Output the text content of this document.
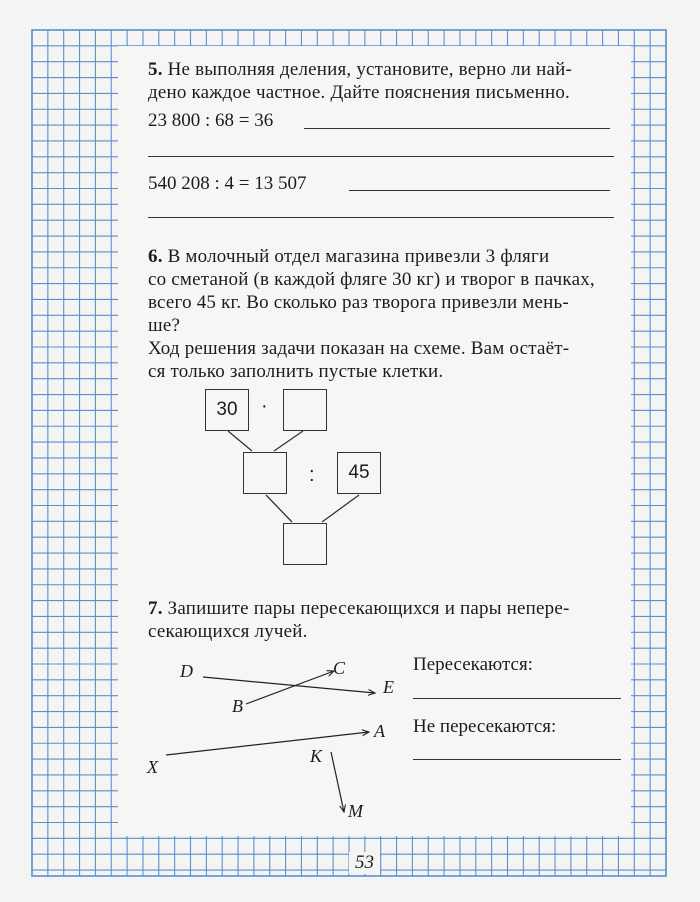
5. Не выполняя деления, установите, верно ли най-
дено каждое частное. Дайте пояснения письменно.
23 800 : 68 = 36
540 208 : 4 = 13 507
6. В молочный отдел магазина привезли 3 фляги
со сметаной (в каждой фляге 30 кг) и творог в пачках,
всего 45 кг. Во сколько раз творога привезли мень-
ше?
Ход решения задачи показан на схеме. Вам остаёт-
ся только заполнить пустые клетки.
30	·
:	45
7. Запишите пары пересекающихся и пары непере-
секающихся лучей.
D	C
E
B
A
X
K
M
Пересекаются:
Не пересекаются:
53
